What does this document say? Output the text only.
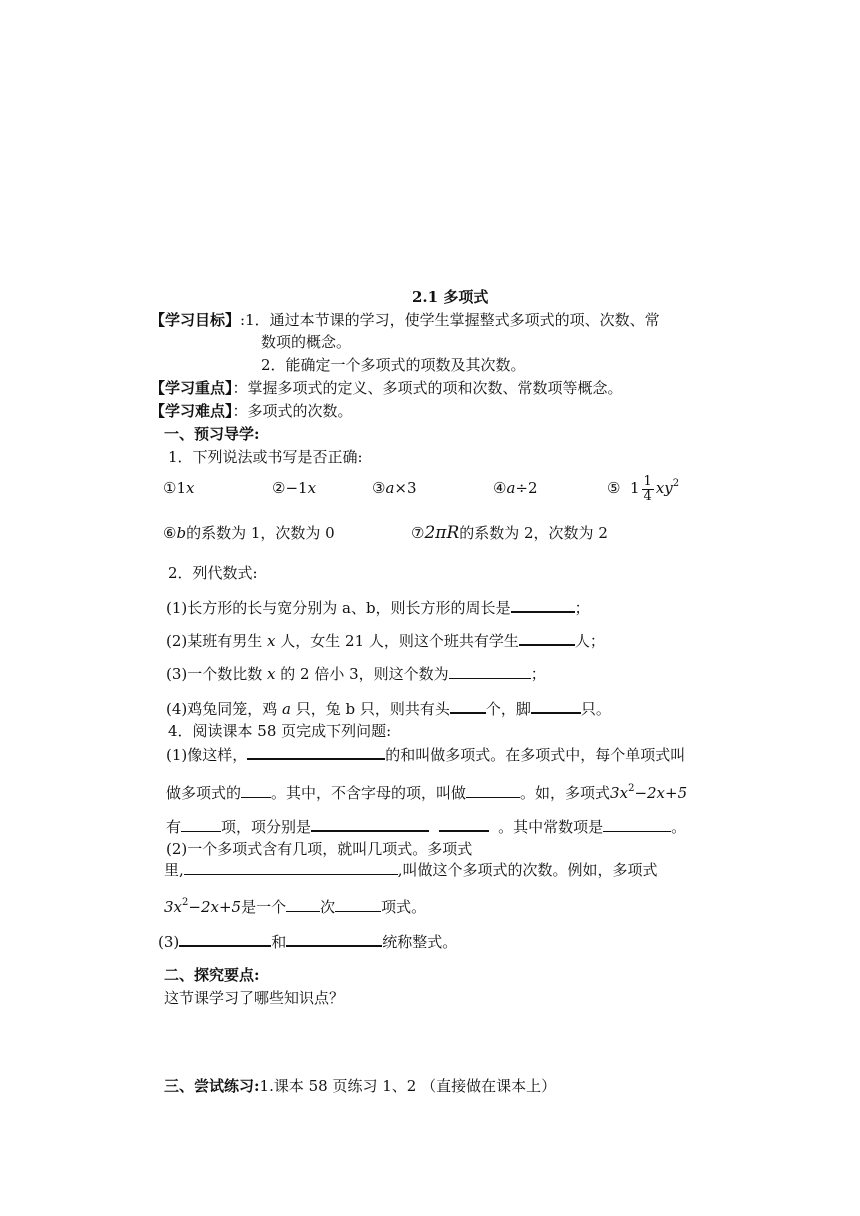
2.1 多项式
【学习目标】:1．通过本节课的学习，使学生掌握整式多项式的项、次数、常
数项的概念。
2．能确定一个多项式的项数及其次数。
【学习重点】：掌握多项式的定义、多项式的项和次数、常数项等概念。
【学习难点】：多项式的次数。
一、预习导学:
1．下列说法或书写是否正确:
①1x	②−1x	③a×3	④a÷2	⑤ $1 \frac{1}{4} xy^2$
⑥b的系数为 1，次数为 0	⑦2πR的系数为 2，次数为 2
2．列代数式:
(1)长方形的长与宽分别为 a、b，则长方形的周长是	；
(2)某班有男生 x 人，女生 21 人，则这个班共有学生	人；
(3)一个数比数 x 的 2 倍小 3，则这个数为	；
(4)鸡兔同笼，鸡 a 只，兔 b 只，则共有头 个，脚	只。
4．阅读课本 58 页完成下列问题:
(1)像这样，	的和叫做多项式。在多项式中，每个单项式叫
做多项式的 。其中，不含字母的项，叫做	。如，多项式$3x^2-2x+5$
有	项，项分别是	。其中常数项是	。
(2)一个多项式含有几项，就叫几项式。多项式
里,	,叫做这个多项式的次数。例如，多项式
$3x^2-2x+5$是一个 次	项式。
(3)	和	统称整式。
二、探究要点:
这节课学习了哪些知识点？
三、尝试练习:1.课本 58 页练习 1、2 （直接做在课本上）
